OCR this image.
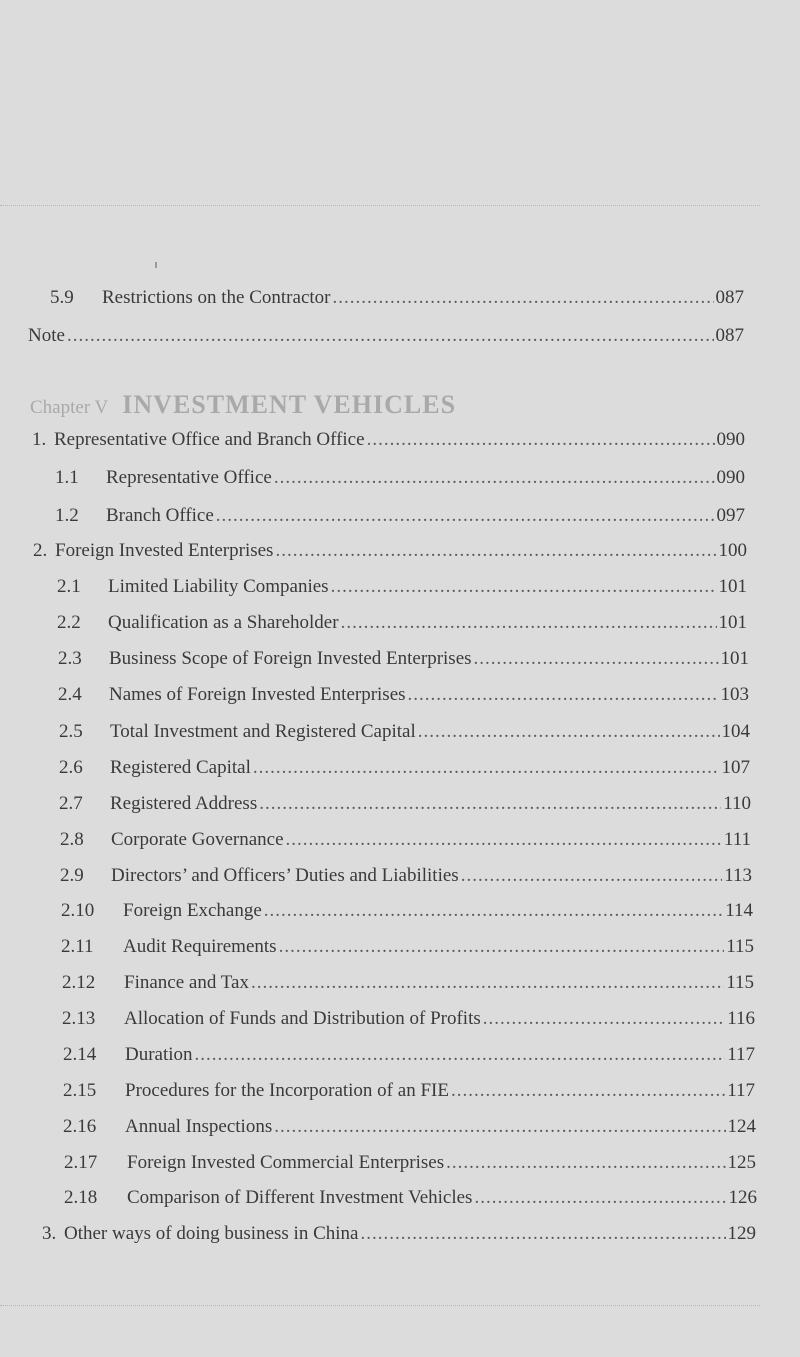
Chapter V INVESTMENT VEHICLES
5.9	Restrictions on the Contractor .....	087
Note .....	087
1. Representative Office and Branch Office .....	090
1.1	Representative Office .....	090
1.2	Branch Office .....	097
2. Foreign Invested Enterprises .....	100
2.1	Limited Liability Companies .....	101
2.2	Qualification as a Shareholder .....	101
2.3	Business Scope of Foreign Invested Enterprises .....	101
2.4	Names of Foreign Invested Enterprises .....	103
2.5	Total Investment and Registered Capital .....	104
2.6	Registered Capital .....	107
2.7	Registered Address .....	110
2.8	Corporate Governance .....	111
2.9	Directors’ and Officers’ Duties and Liabilities .....	113
2.10	Foreign Exchange .....	114
2.11	Audit Requirements .....	115
2.12	Finance and Tax .....	115
2.13	Allocation of Funds and Distribution of Profits .....	116
2.14	Duration .....	117
2.15	Procedures for the Incorporation of an FIE .....	117
2.16	Annual Inspections .....	124
2.17	Foreign Invested Commercial Enterprises .....	125
2.18	Comparison of Different Investment Vehicles .....	126
3. Other ways of doing business in China .....	129
